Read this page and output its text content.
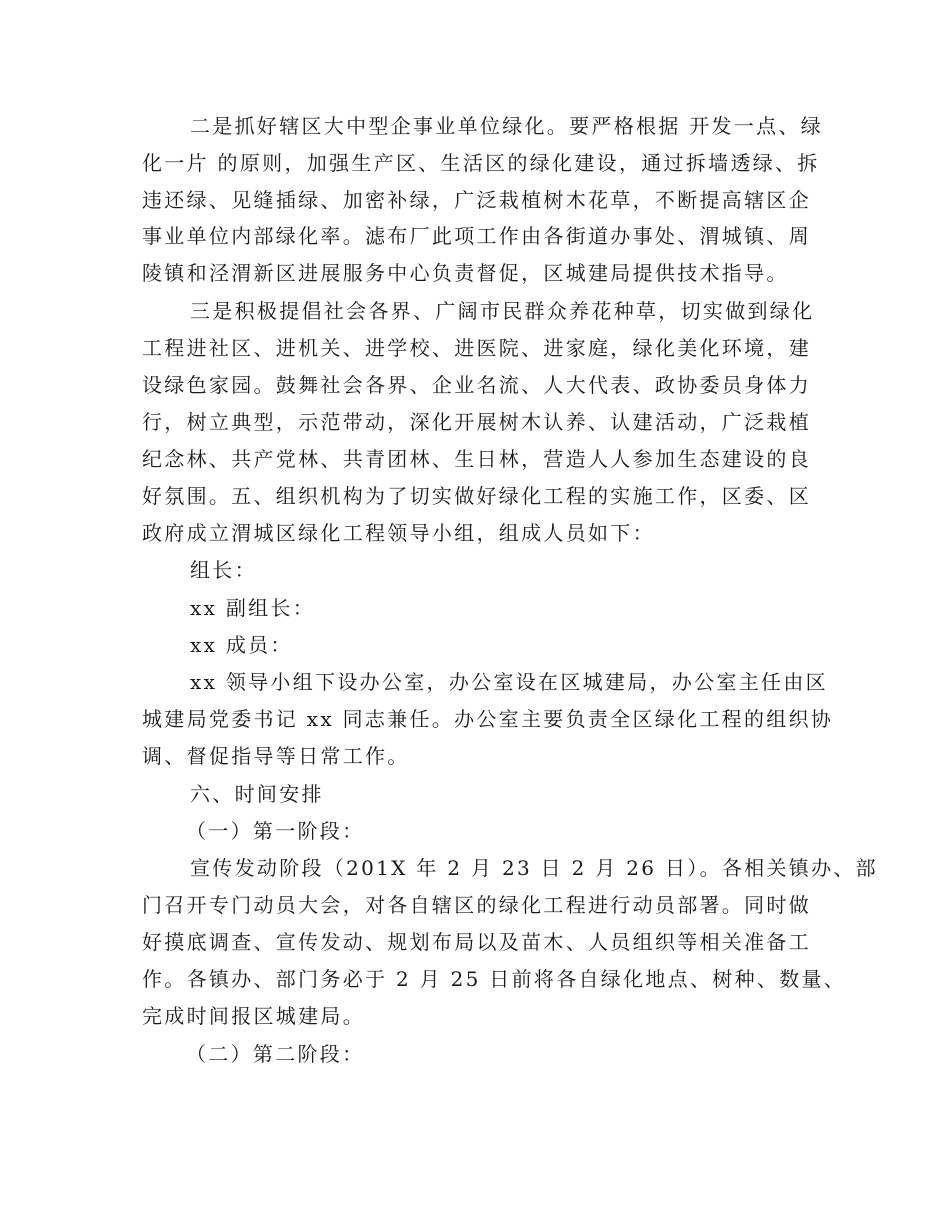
二是抓好辖区大中型企事业单位绿化。要严格根据 开发一点、绿
化一片 的原则，加强生产区、生活区的绿化建设，通过拆墙透绿、拆
违还绿、见缝插绿、加密补绿，广泛栽植树木花草，不断提高辖区企
事业单位内部绿化率。滤布厂此项工作由各街道办事处、渭城镇、周
陵镇和泾渭新区进展服务中心负责督促，区城建局提供技术指导。
三是积极提倡社会各界、广阔市民群众养花种草，切实做到绿化
工程进社区、进机关、进学校、进医院、进家庭，绿化美化环境，建
设绿色家园。鼓舞社会各界、企业名流、人大代表、政协委员身体力
行，树立典型，示范带动，深化开展树木认养、认建活动，广泛栽植
纪念林、共产党林、共青团林、生日林，营造人人参加生态建设的良
好氛围。五、组织机构为了切实做好绿化工程的实施工作，区委、区
政府成立渭城区绿化工程领导小组，组成人员如下：
组长：
xx 副组长：
xx 成员：
xx 领导小组下设办公室，办公室设在区城建局，办公室主任由区
城建局党委书记 xx 同志兼任。办公室主要负责全区绿化工程的组织协
调、督促指导等日常工作。
六、时间安排
（一）第一阶段：
宣传发动阶段（201X 年 2 月 23 日 2 月 26 日）。各相关镇办、部
门召开专门动员大会，对各自辖区的绿化工程进行动员部署。同时做
好摸底调查、宣传发动、规划布局以及苗木、人员组织等相关准备工
作。各镇办、部门务必于 2 月 25 日前将各自绿化地点、树种、数量、
完成时间报区城建局。
（二）第二阶段：
